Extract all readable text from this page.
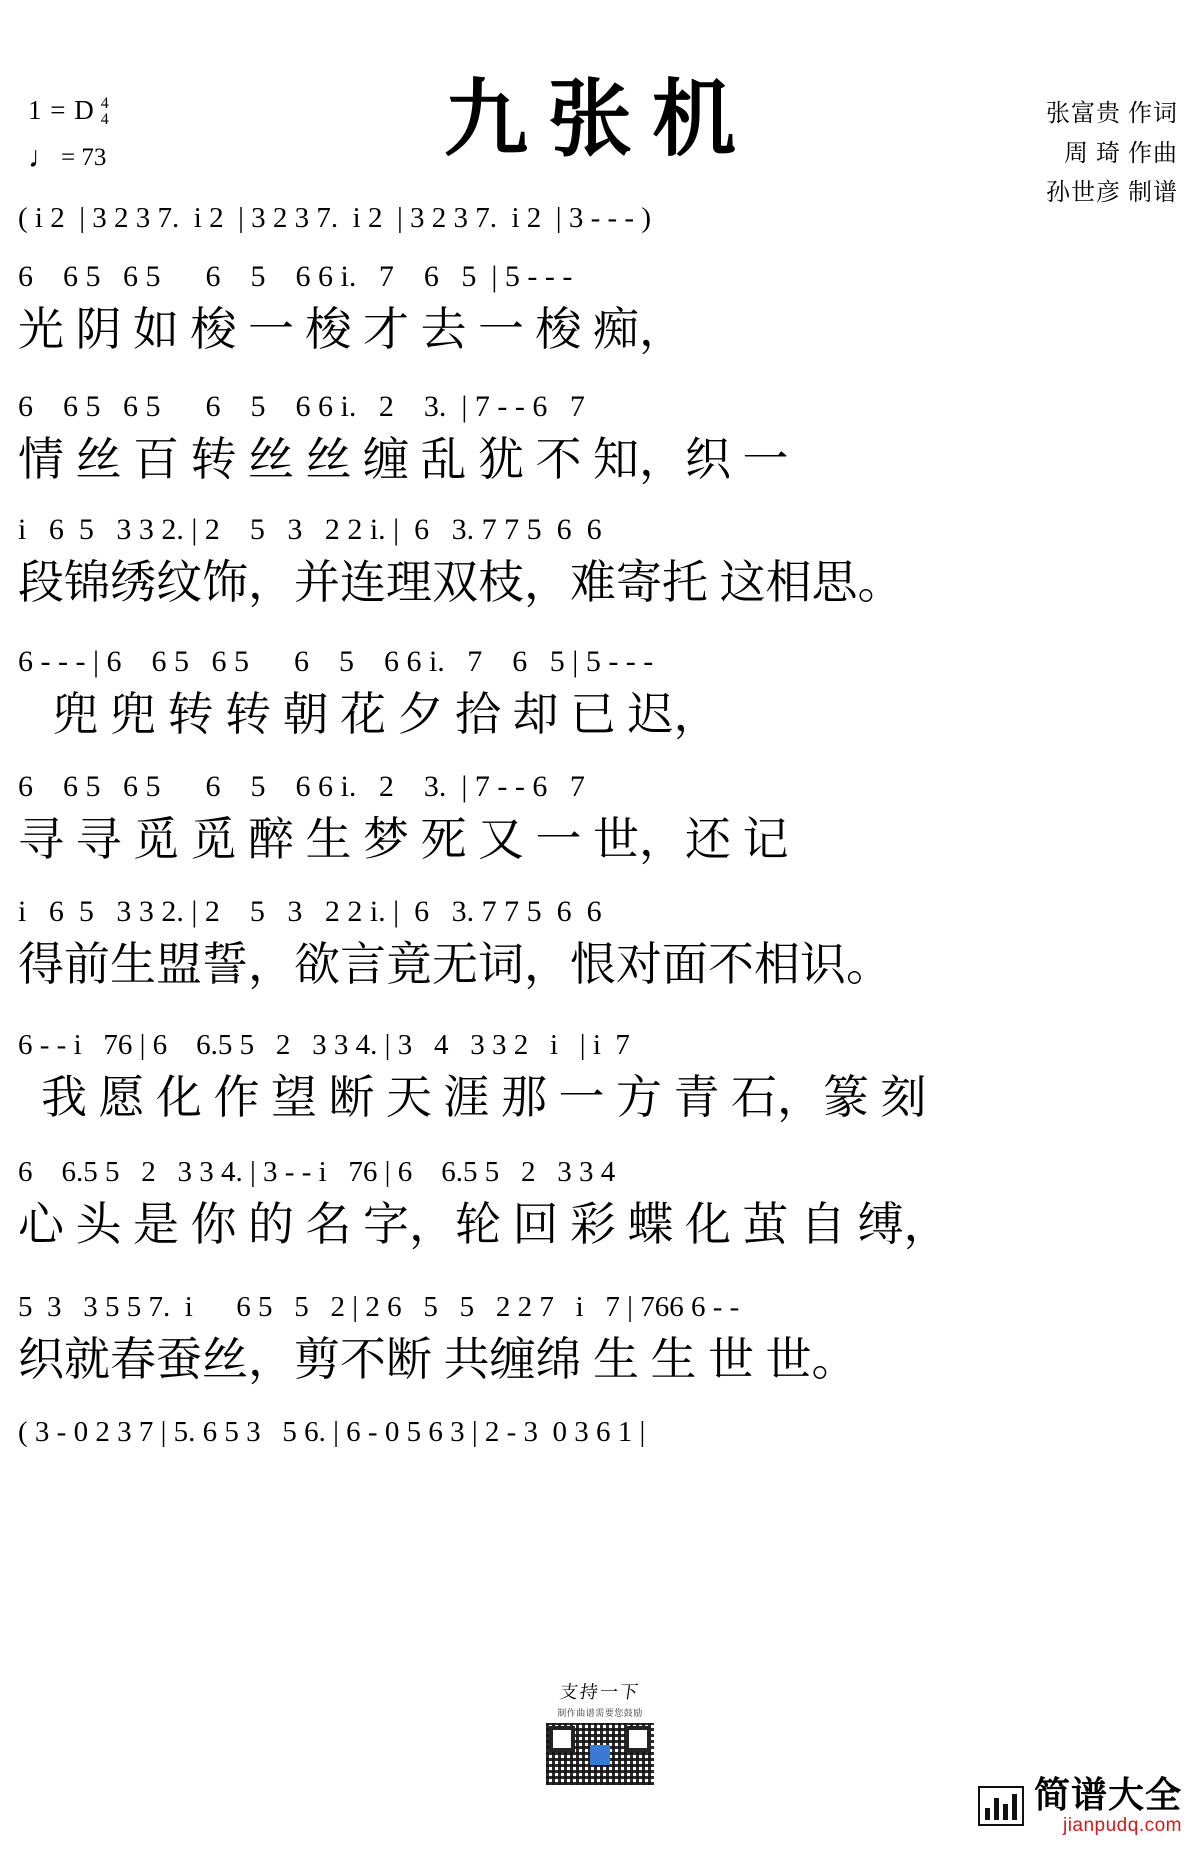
1 = D 4
4
♩ = 73	九张机	张富贵 作词
周 琦 作曲
孙世彦 制谱
( i 2  | 3 2 3 7.  i 2  | 3 2 3 7.  i 2  | 3 2 3 7.  i 2  | 3 - - - )
6    6 5   6 5      6    5    6 6 i.   7    6   5  | 5 - - -
光 阴 如 梭 一 梭 才 去 一 梭 痴，
6    6 5   6 5      6    5    6 6 i.   2    3.  | 7 - - 6   7
情 丝 百 转 丝 丝 缠 乱 犹 不 知，织 一
i   6  5   3 3 2. | 2    5   3   2 2 i. |  6   3. 7 7 5  6  6
段锦绣纹饰，并连理双枝，难寄托 这相思。
6 - - - | 6    6 5   6 5      6    5    6 6 i.   7    6   5 | 5 - - -
兜 兜 转 转 朝 花 夕 拾 却 已 迟，
6    6 5   6 5      6    5    6 6 i.   2    3.  | 7 - - 6   7
寻 寻 觅 觅 醉 生 梦 死 又 一 世，还 记
i   6  5   3 3 2. | 2    5   3   2 2 i. |  6   3. 7 7 5  6  6
得前生盟誓，欲言竟无词，恨对面不相识。
6 - - i   76 | 6    6.5 5   2   3 3 4. | 3   4   3 3 2   i   | i  7
我 愿 化 作 望 断 天 涯 那 一 方 青 石，篆 刻
6    6.5 5   2   3 3 4. | 3 - - i   76 | 6    6.5 5   2   3 3 4
心 头 是 你 的 名 字，轮 回 彩 蝶 化 茧 自 缚，
5  3   3 5 5 7.  i      6 5   5   2 | 2 6   5   5   2 2 7   i   7 | 766 6 - -
织就春蚕丝，剪不断 共缠绵 生 生 世 世。
( 3 - 0 2 3 7 | 5. 6 5 3   5 6. | 6 - 0 5 6 3 | 2 - 3  0 3 6 1 |
支持一下
制作曲谱需要您鼓励
简谱大全
jianpudq.com
